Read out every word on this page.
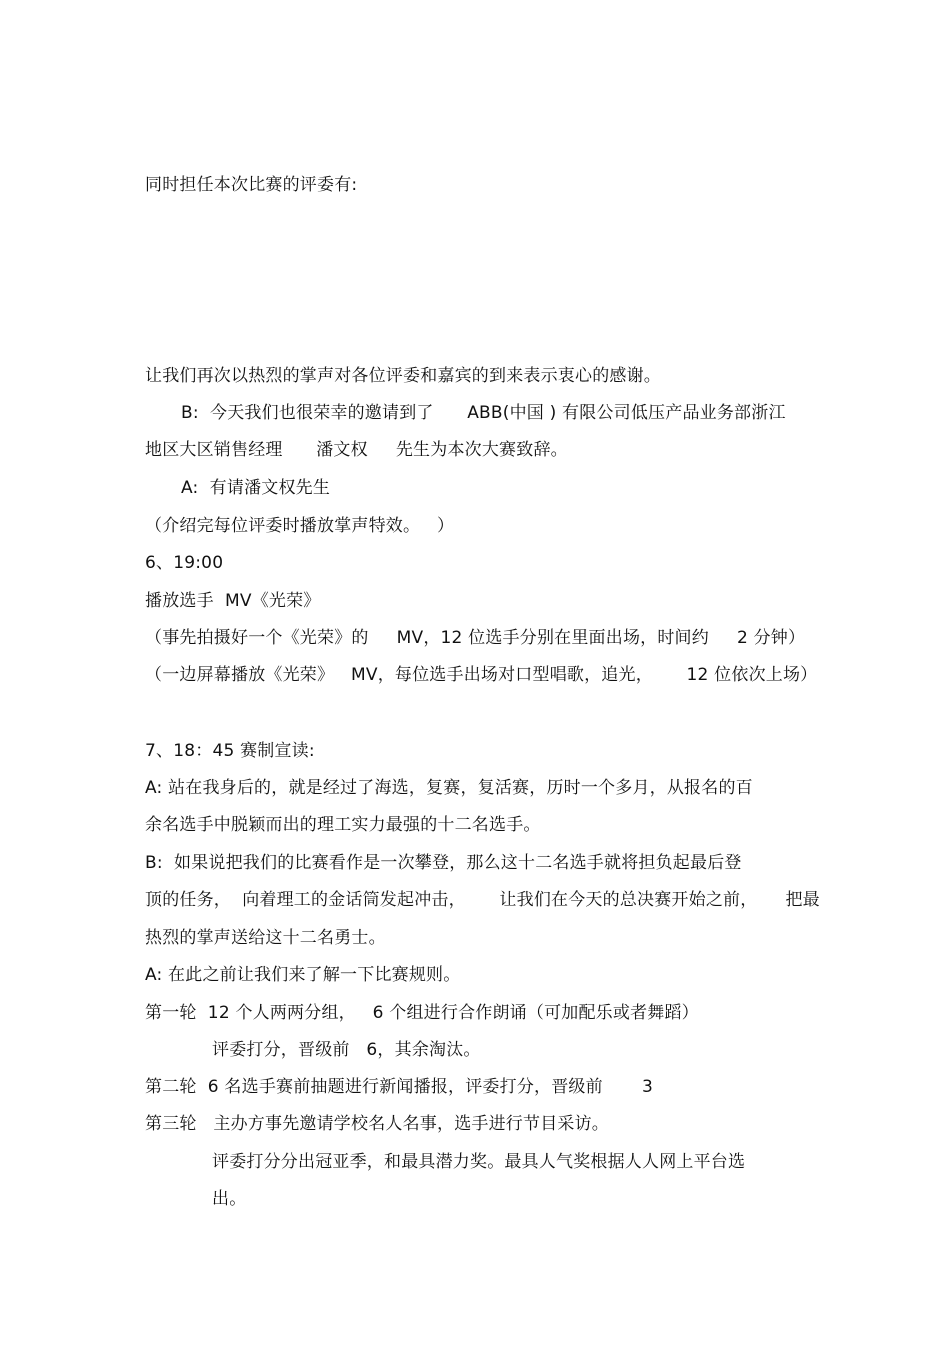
同时担任本次比赛的评委有:
让我们再次以热烈的掌声对各位评委和嘉宾的到来表示衷心的感谢。
B:  今天我们也很荣幸的邀请到了      ABB(中国 ) 有限公司低压产品业务部浙江
地区大区销售经理      潘文权     先生为本次大赛致辞。
A:  有请潘文权先生
（介绍完每位评委时播放掌声特效。   ）
6、19:00
播放选手  MV《光荣》
（事先拍摄好一个《光荣》的     MV，12 位选手分别在里面出场，时间约     2 分钟）
（一边屏幕播放《光荣》   MV，每位选手出场对口型唱歌，追光，      12 位依次上场）
7、18：45 赛制宣读:
A: 站在我身后的，就是经过了海选，复赛，复活赛，历时一个多月，从报名的百
余名选手中脱颖而出的理工实力最强的十二名选手。
B:  如果说把我们的比赛看作是一次攀登，那么这十二名选手就将担负起最后登
顶的任务，  向着理工的金话筒发起冲击，      让我们在今天的总决赛开始之前，     把最
热烈的掌声送给这十二名勇士。
A: 在此之前让我们来了解一下比赛规则。
第一轮  12 个人两两分组，   6 个组进行合作朗诵（可加配乐或者舞蹈）
评委打分，晋级前   6，其余淘汰。
第二轮  6 名选手赛前抽题进行新闻播报，评委打分，晋级前       3
第三轮   主办方事先邀请学校名人名事，选手进行节目采访。
评委打分分出冠亚季，和最具潜力奖。最具人气奖根据人人网上平台选
出。
